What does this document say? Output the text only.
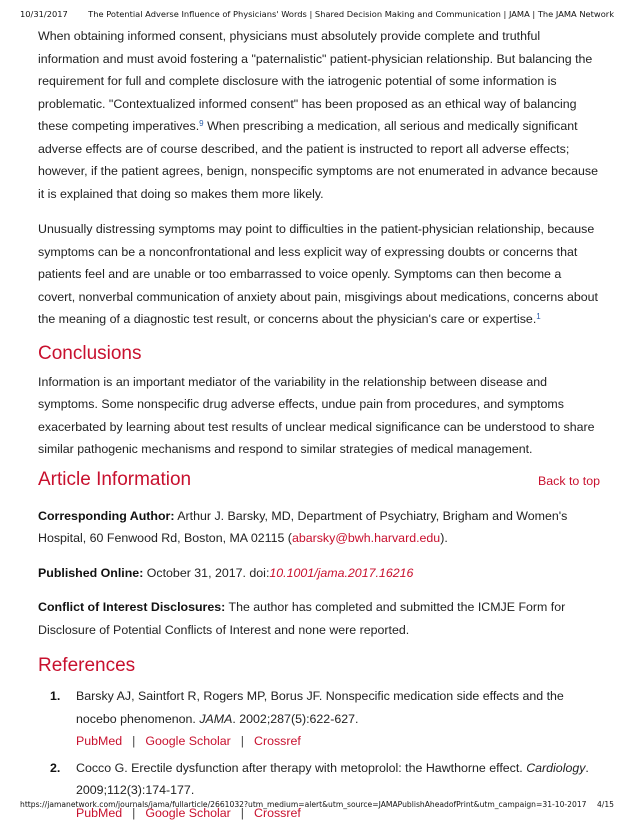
10/31/2017	The Potential Adverse Influence of Physicians' Words | Shared Decision Making and Communication | JAMA | The JAMA Network

When obtaining informed consent, physicians must absolutely provide complete and truthful information and must avoid fostering a "paternalistic" patient-physician relationship. But balancing the requirement for full and complete disclosure with the iatrogenic potential of some information is problematic. "Contextualized informed consent" has been proposed as an ethical way of balancing these competing imperatives.$^9$ When prescribing a medication, all serious and medically significant adverse effects are of course described, and the patient is instructed to report all adverse effects; however, if the patient agrees, benign, nonspecific symptoms are not enumerated in advance because it is explained that doing so makes them more likely.

Unusually distressing symptoms may point to difficulties in the patient-physician relationship, because symptoms can be a nonconfrontational and less explicit way of expressing doubts or concerns that patients feel and are unable or too embarrassed to voice openly. Symptoms can then become a covert, nonverbal communication of anxiety about pain, misgivings about medications, concerns about the meaning of a diagnostic test result, or concerns about the physician's care or expertise.$^1$

Conclusions

Information is an important mediator of the variability in the relationship between disease and symptoms. Some nonspecific drug adverse effects, undue pain from procedures, and symptoms exacerbated by learning about test results of unclear medical significance can be understood to share similar pathogenic mechanisms and respond to similar strategies of medical management.

Article Information	Back to top

Corresponding Author: Arthur J. Barsky, MD, Department of Psychiatry, Brigham and Women's Hospital, 60 Fenwood Rd, Boston, MA 02115 (abarsky@bwh.harvard.edu).

Published Online: October 31, 2017. doi:10.1001/jama.2017.16216

Conflict of Interest Disclosures: The author has completed and submitted the ICMJE Form for Disclosure of Potential Conflicts of Interest and none were reported.

References
1.	Barsky AJ, Saintfort R, Rogers MP, Borus JF. Nonspecific medication side effects and the nocebo phenomenon. JAMA. 2002;287(5):622-627.
PubMed | Google Scholar | Crossref
2.	Cocco G. Erectile dysfunction after therapy with metoprolol: the Hawthorne effect. Cardiology. 2009;112(3):174-177.
PubMed | Google Scholar | Crossref
https://jamanetwork.com/journals/jama/fullarticle/2661032?utm_medium=alert&utm_source=JAMAPublishAheadofPrint&utm_campaign=31-10-2017 4/15
